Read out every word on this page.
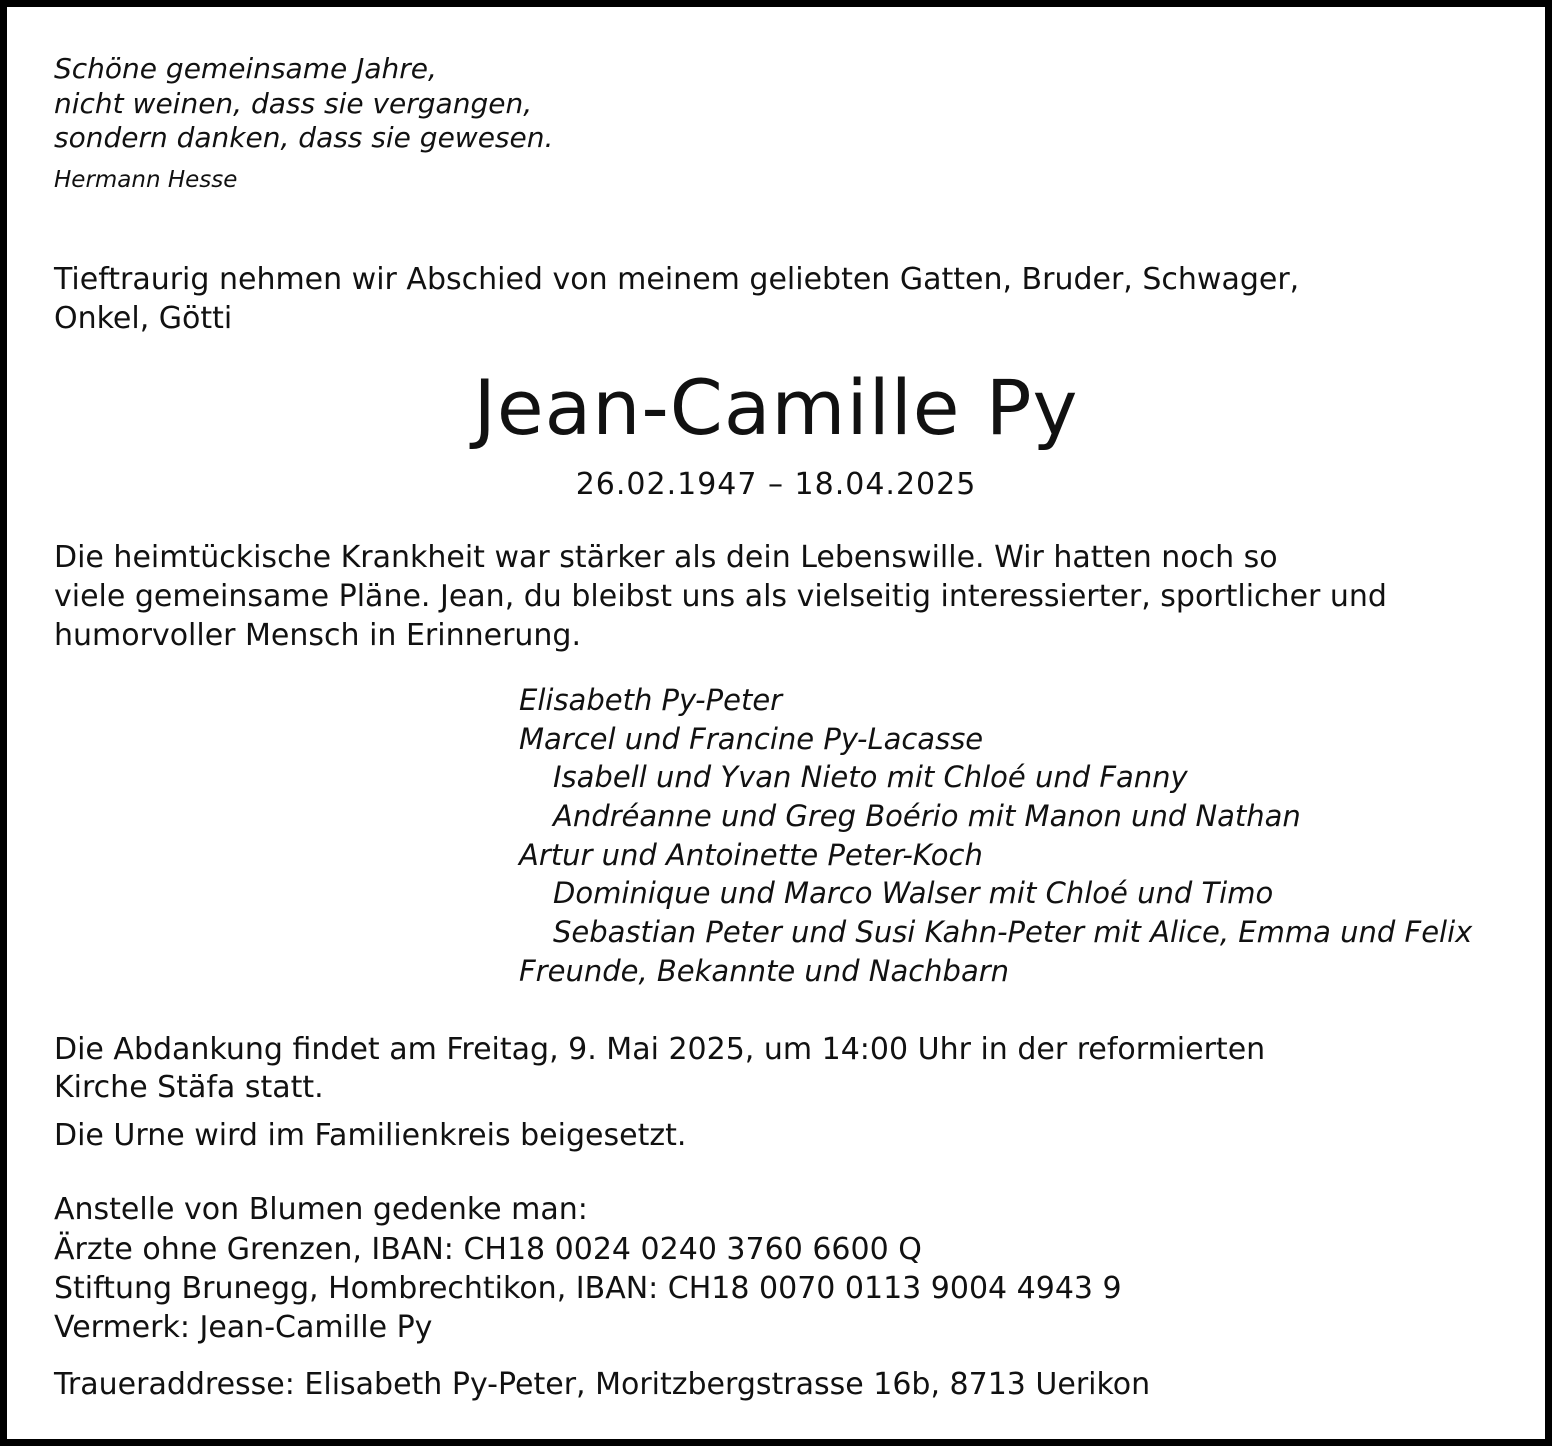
Schöne gemeinsame Jahre,

nicht weinen, dass sie vergangen,

sondern danken, dass sie gewesen.

Hermann Hesse

Tieftraurig nehmen wir Abschied von meinem geliebten Gatten, Bruder, Schwager,

Onkel, Götti

Jean-Camille Py

26.02.1947 – 18.04.2025

Die heimtückische Krankheit war stärker als dein Lebenswille. Wir hatten noch so

viele gemeinsame Pläne. Jean, du bleibst uns als vielseitig interessierter, sportlicher und

humorvoller Mensch in Erinnerung.

Elisabeth Py-Peter

Marcel und Francine Py-Lacasse

Isabell und Yvan Nieto mit Chloé und Fanny

Andréanne und Greg Boério mit Manon und Nathan

Artur und Antoinette Peter-Koch

Dominique und Marco Walser mit Chloé und Timo

Sebastian Peter und Susi Kahn-Peter mit Alice, Emma und Felix

Freunde, Bekannte und Nachbarn

Die Abdankung findet am Freitag, 9. Mai 2025, um 14:00 Uhr in der reformierten

Kirche Stäfa statt.

Die Urne wird im Familienkreis beigesetzt.

Anstelle von Blumen gedenke man:

Ärzte ohne Grenzen, IBAN: CH18 0024 0240 3760 6600 Q

Stiftung Brunegg, Hombrechtikon, IBAN: CH18 0070 0113 9004 4943 9

Vermerk: Jean-Camille Py

Traueraddresse: Elisabeth Py-Peter, Moritzbergstrasse 16b, 8713 Uerikon
